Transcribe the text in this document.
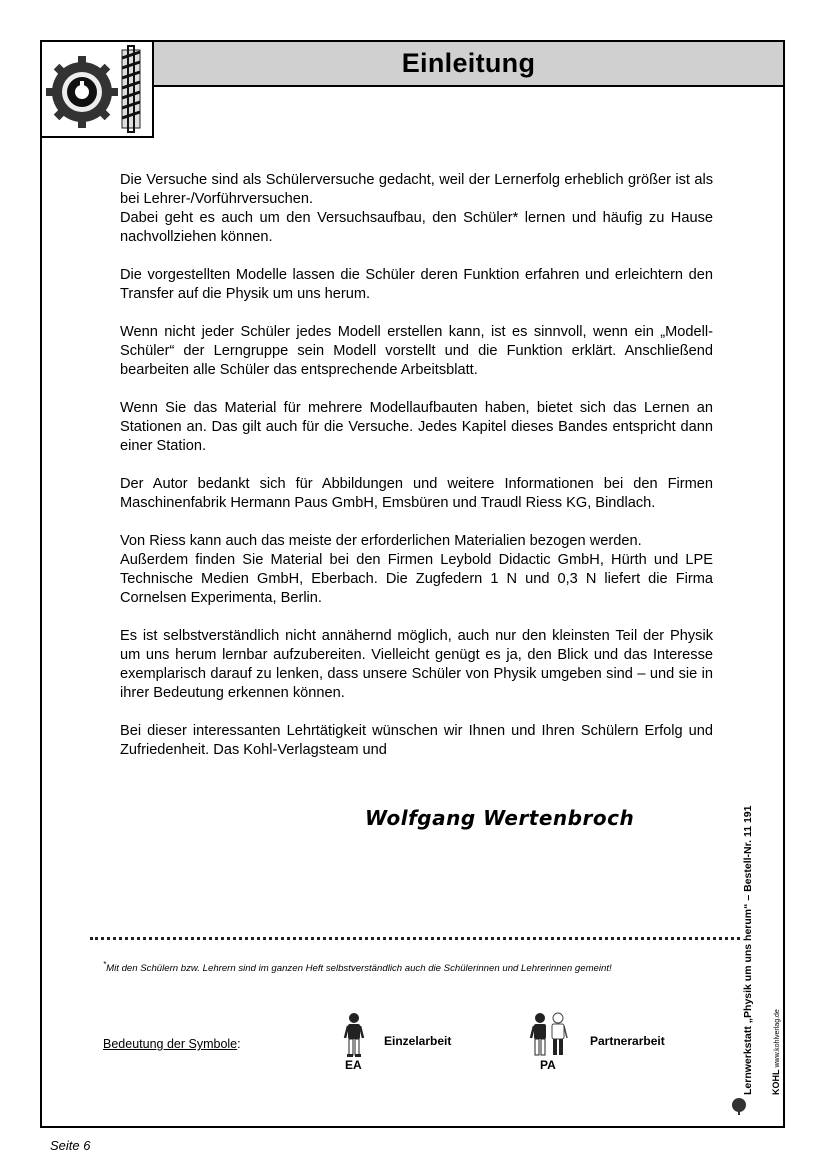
Einleitung

Die Versuche sind als Schülerversuche gedacht, weil der Lernerfolg erheblich größer ist als bei Lehrer-/Vorführversuchen.
Dabei geht es auch um den Versuchsaufbau, den Schüler* lernen und häufig zu Hause nachvollziehen können.

Die vorgestellten Modelle lassen die Schüler deren Funktion erfahren und erleichtern den Transfer auf die Physik um uns herum.

Wenn nicht jeder Schüler jedes Modell erstellen kann, ist es sinnvoll, wenn ein „Modell-Schüler“ der Lerngruppe sein Modell vorstellt und die Funktion erklärt. Anschließend bearbeiten alle Schüler das entsprechende Arbeitsblatt.

Wenn Sie das Material für mehrere Modellaufbauten haben, bietet sich das Lernen an Stationen an. Das gilt auch für die Versuche. Jedes Kapitel dieses Bandes entspricht dann einer Station.

Der Autor bedankt sich für Abbildungen und weitere Informationen bei den Firmen Maschinenfabrik Hermann Paus GmbH, Emsbüren und Traudl Riess KG, Bindlach.

Von Riess kann auch das meiste der erforderlichen Materialien bezogen werden.
Außerdem finden Sie Material bei den Firmen Leybold Didactic GmbH, Hürth und LPE Technische Medien GmbH, Eberbach. Die Zugfedern 1 N und 0,3 N liefert die Firma Cornelsen Experimenta, Berlin.

Es ist selbstverständlich nicht annähernd möglich, auch nur den kleinsten Teil der Physik um uns herum lernbar aufzubereiten. Vielleicht genügt es ja, den Blick und das Interesse exemplarisch darauf zu lenken, dass unsere Schüler von Physik umgeben sind – und sie in ihrer Bedeutung erkennen können.

Bei dieser interessanten Lehrtätigkeit wünschen wir Ihnen und Ihren Schülern Erfolg und Zufriedenheit. Das Kohl-Verlagsteam und

Wolfgang Wertenbroch
*Mit den Schülern bzw. Lehrern sind im ganzen Heft selbstverständlich auch die Schülerinnen und Lehrerinnen gemeint!
Bedeutung der Symbole:
EA
Einzelarbeit
PA
Partnerarbeit	Lernwerkstatt „Physik um uns herum“ – Bestell-Nr. 11 191
KOHL www.kohlverlag.de
Seite 6
